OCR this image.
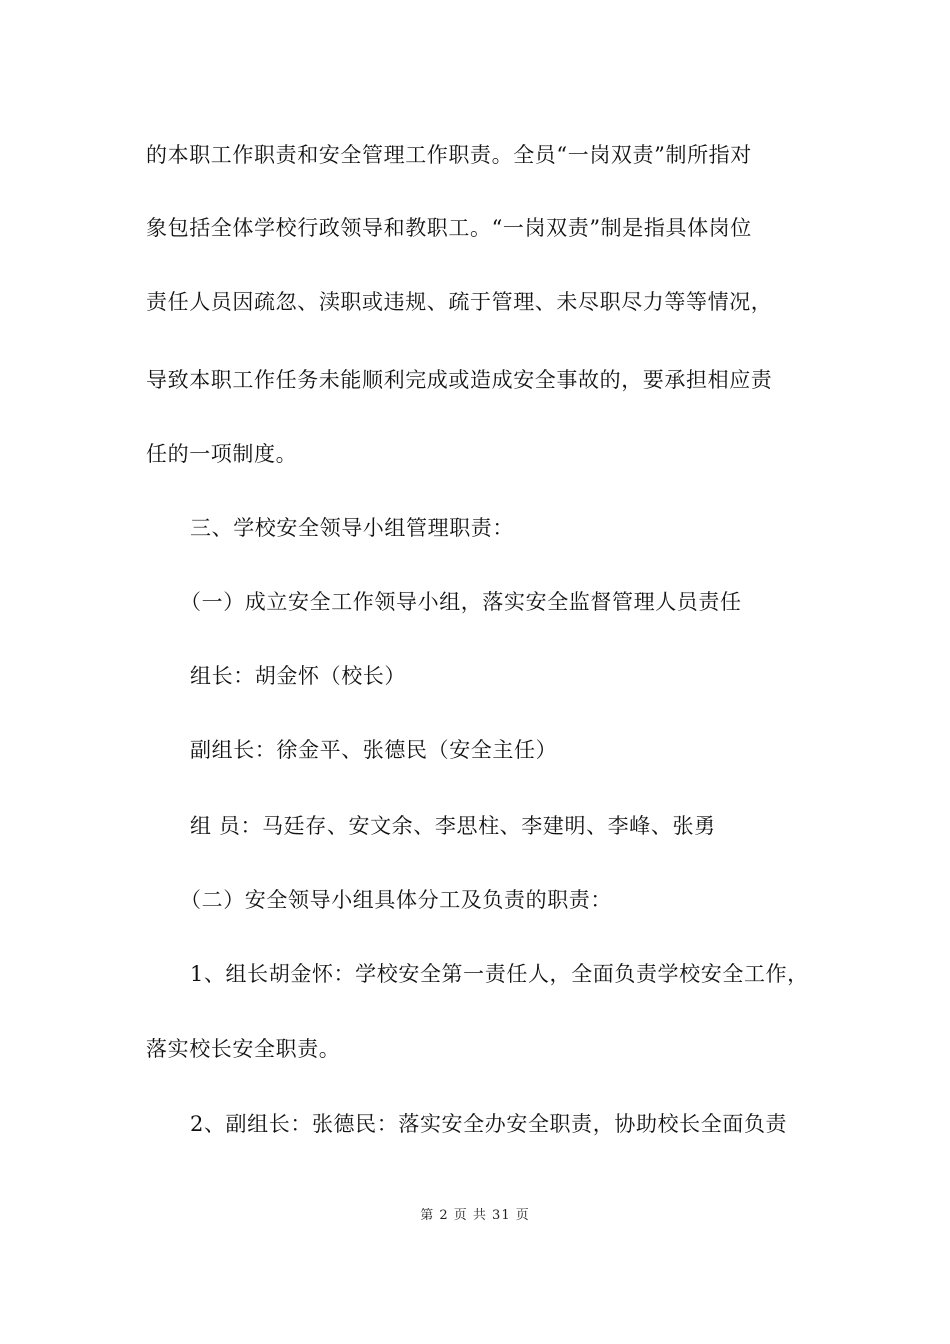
的本职工作职责和安全管理工作职责。全员“一岗双责”制所指对
象包括全体学校行政领导和教职工。“一岗双责”制是指具体岗位
责任人员因疏忽、渎职或违规、疏于管理、未尽职尽力等等情况，
导致本职工作任务未能顺利完成或造成安全事故的，要承担相应责
任的一项制度。
三、学校安全领导小组管理职责：
（一）成立安全工作领导小组，落实安全监督管理人员责任
组长：胡金怀（校长）
副组长：徐金平、张德民（安全主任）
组 员：马廷存、安文余、李思柱、李建明、李峰、张勇
（二）安全领导小组具体分工及负责的职责：
1、组长胡金怀：学校安全第一责任人，全面负责学校安全工作，
落实校长安全职责。
2、副组长：张德民：落实安全办安全职责，协助校长全面负责
第 2 页 共 31 页
